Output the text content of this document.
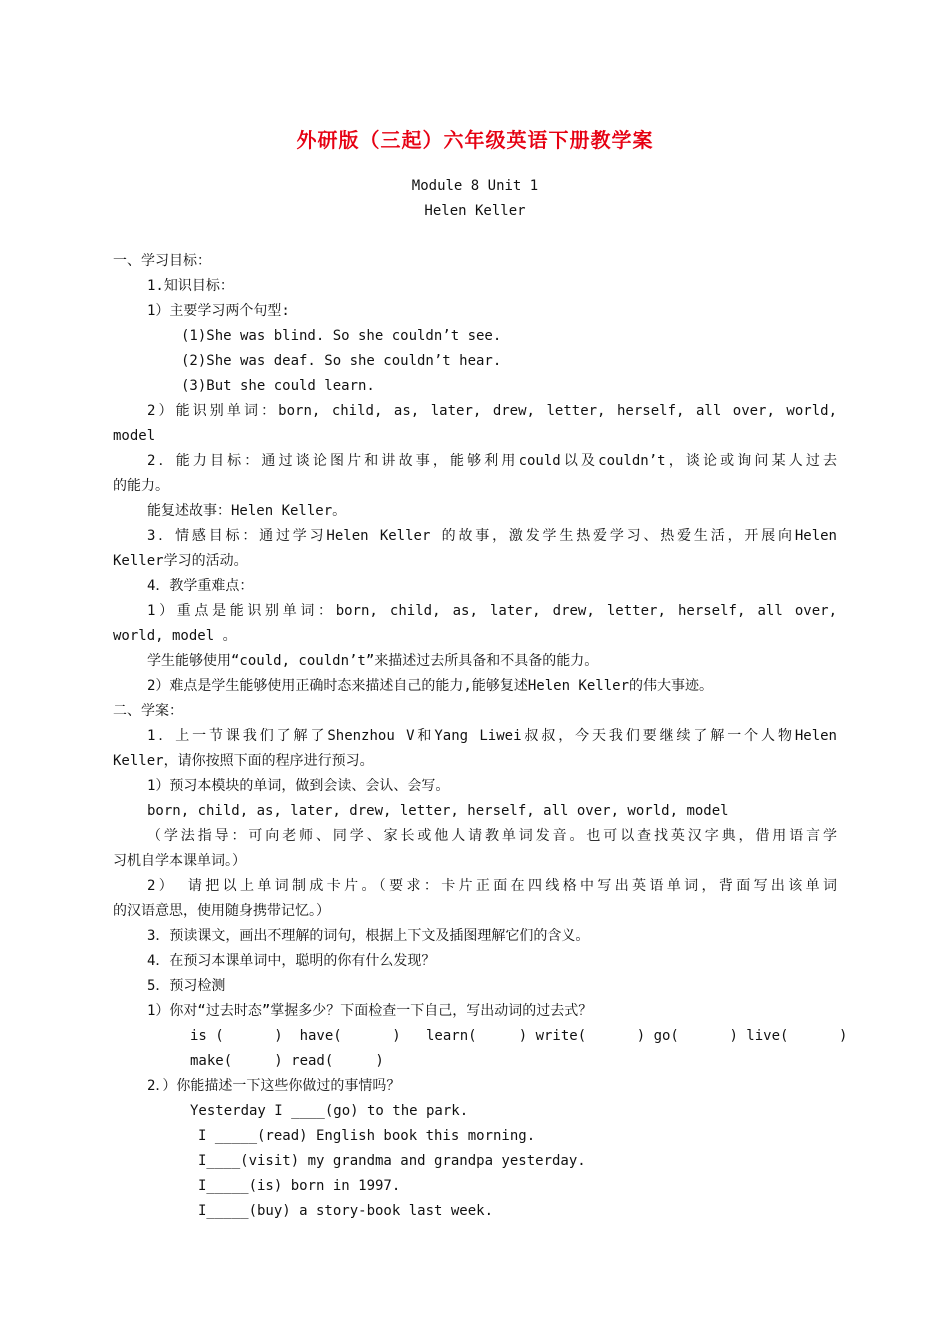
外研版（三起）六年级英语下册教学案
Module 8 Unit 1
Helen Keller
一、学习目标：
1.知识目标：
1）主要学习两个句型:
(1)She was blind. So she couldn’t see.
(2)She was deaf. So she couldn’t hear.
(3)But she could learn.
2）能识别单词：born, child, as, later, drew, letter, herself, all over, world,
model
2．能力目标：通过谈论图片和讲故事，能够利用could以及couldn’t，谈论或询问某人过去
的能力。
能复述故事：Helen Keller。
3．情感目标：通过学习Helen Keller 的故事，激发学生热爱学习、热爱生活，开展向Helen
Keller学习的活动。
4．教学重难点：
1）重点是能识别单词：born, child, as, later, drew, letter, herself, all over,
world, model 。
学生能够使用“could, couldn’t”来描述过去所具备和不具备的能力。
2）难点是学生能够使用正确时态来描述自己的能力,能够复述Helen Keller的伟大事迹。
二、学案：
1．上一节课我们了解了Shenzhou V和Yang Liwei叔叔，今天我们要继续了解一个人物Helen
Keller，请你按照下面的程序进行预习。
1）预习本模块的单词，做到会读、会认、会写。
born, child, as, later, drew, letter, herself, all over, world, model
（学法指导：可向老师、同学、家长或他人请教单词发音。也可以查找英汉字典，借用语言学
习机自学本课单词。）
2） 请把以上单词制成卡片。（要求：卡片正面在四线格中写出英语单词，背面写出该单词
的汉语意思，使用随身携带记忆。）
3．预读课文，画出不理解的词句，根据上下文及插图理解它们的含义。
4．在预习本课单词中，聪明的你有什么发现？
5．预习检测
1）你对“过去时态”掌握多少？下面检查一下自己，写出动词的过去式？
is (      )  have(      )   learn(     ) write(      ) go(      ) live(      )
make(     ) read(     )
2．）你能描述一下这些你做过的事情吗？
Yesterday I ____(go) to the park.
I _____(read) English book this morning.
I____(visit) my grandma and grandpa yesterday.
I_____(is) born in 1997.
I_____(buy) a story-book last week.
